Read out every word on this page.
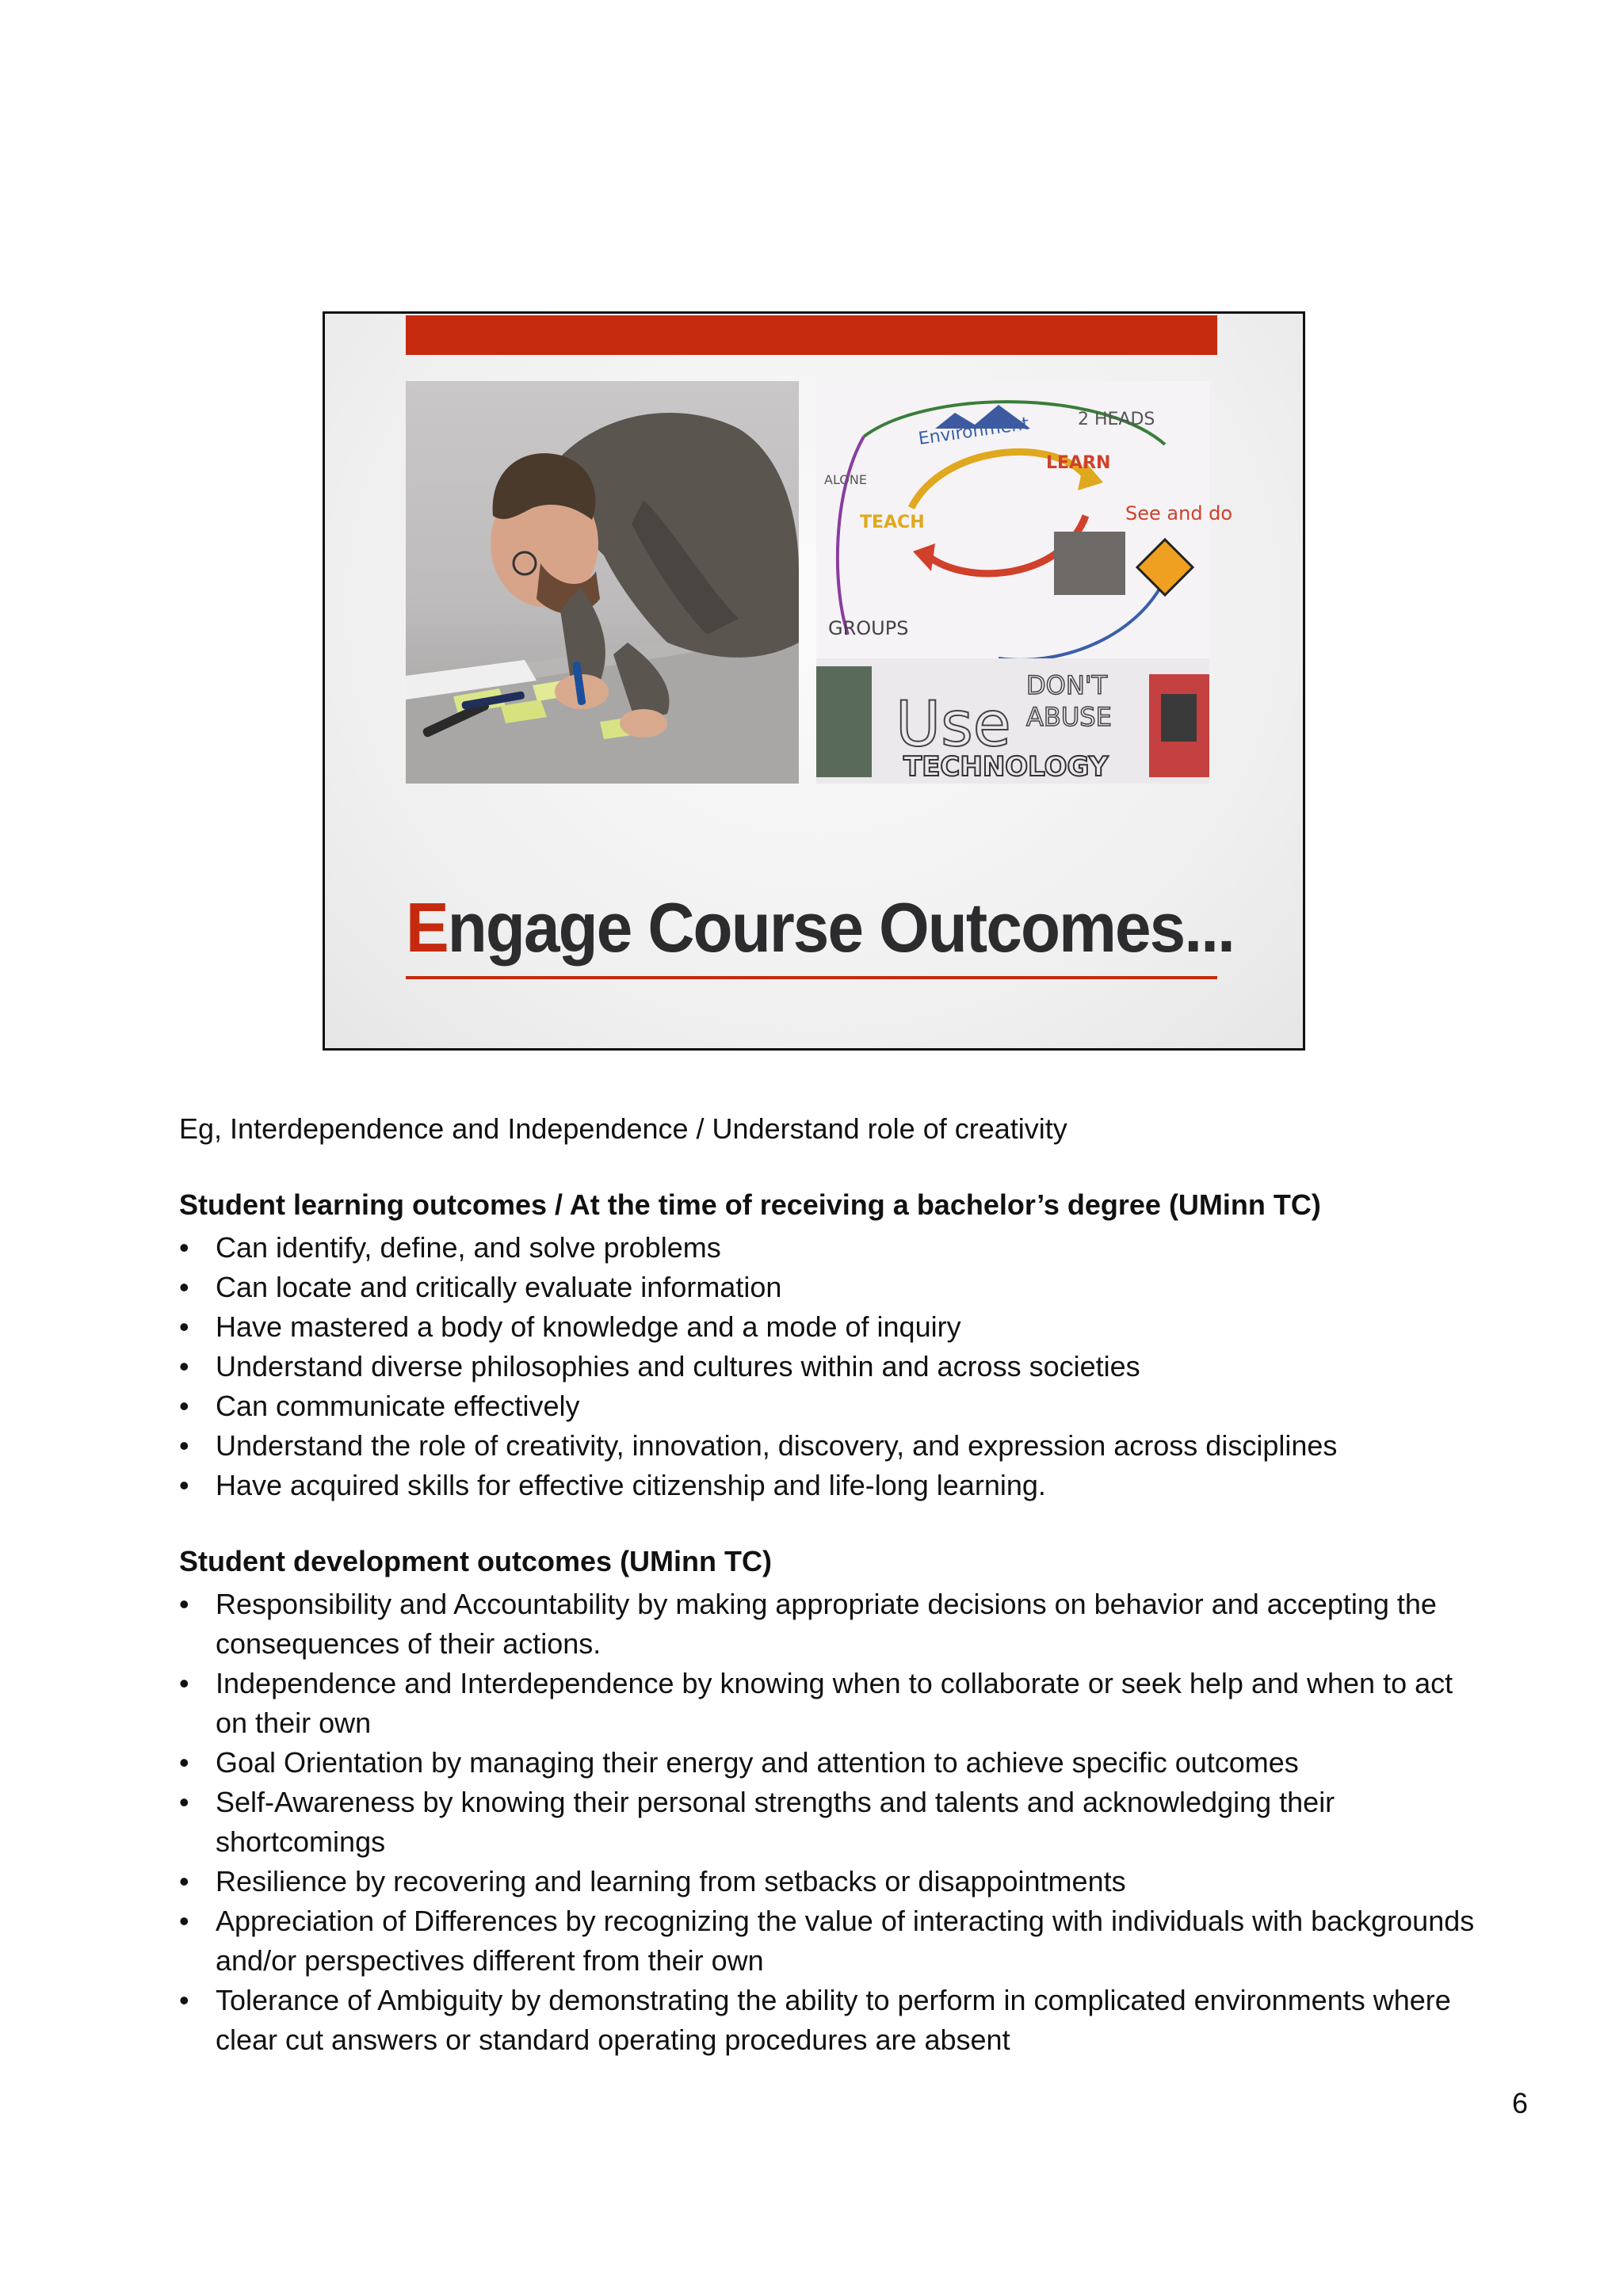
Environment	2 HEADS
LEARN
TEACH
ALONE
See and do
GROUPS
Use
DON'T
ABUSE
TECHNOLOGY
Engage Course Outcomes...
Eg, Interdependence and Independence / Understand role of creativity
Student learning outcomes / At the time of receiving a bachelor’s degree (UMinn TC)
• Can identify, define, and solve problems
• Can locate and critically evaluate information
• Have mastered a body of knowledge and a mode of inquiry
• Understand diverse philosophies and cultures within and across societies
• Can communicate effectively
• Understand the role of creativity, innovation, discovery, and expression across disciplines
• Have acquired skills for effective citizenship and life-long learning.
Student development outcomes (UMinn TC)
• Responsibility and Accountability by making appropriate decisions on behavior and accepting the consequences of their actions.
• Independence and Interdependence by knowing when to collaborate or seek help and when to act on their own
• Goal Orientation by managing their energy and attention to achieve specific outcomes
• Self-Awareness by knowing their personal strengths and talents and acknowledging their shortcomings
• Resilience by recovering and learning from setbacks or disappointments
• Appreciation of Differences by recognizing the value of interacting with individuals with backgrounds and/or perspectives different from their own
• Tolerance of Ambiguity by demonstrating the ability to perform in complicated environments where clear cut answers or standard operating procedures are absent
6
